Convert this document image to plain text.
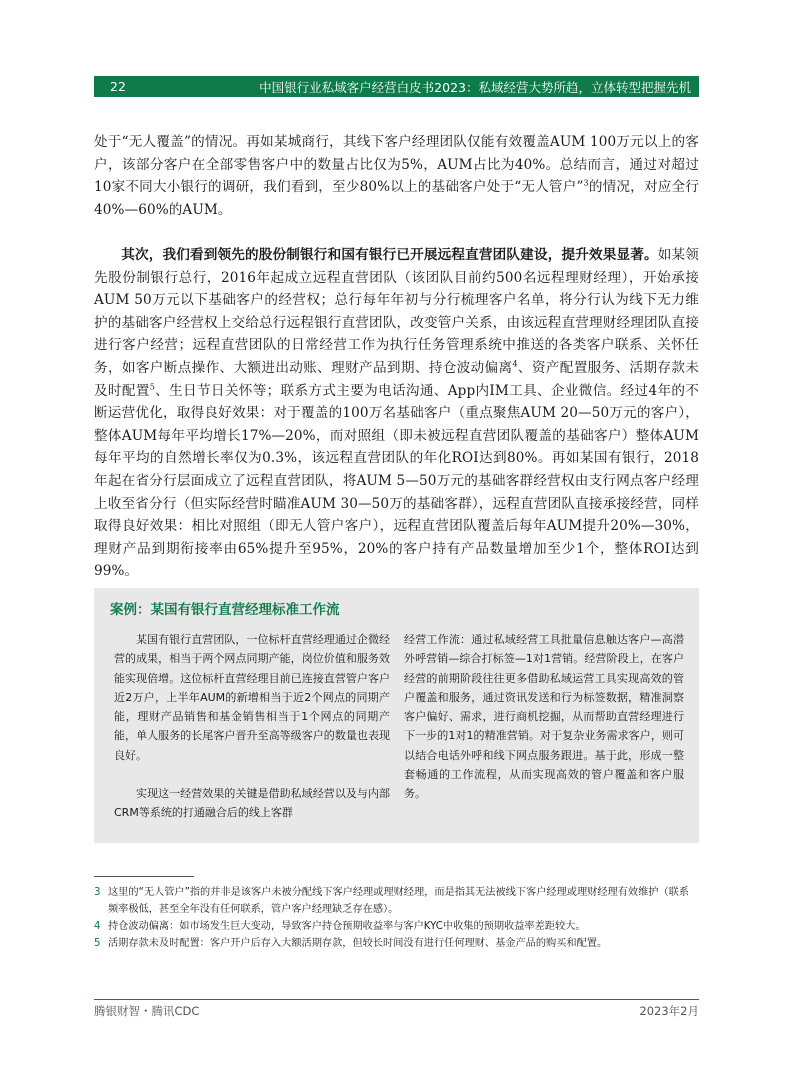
22	中国银行业私域客户经营白皮书2023：私域经营大势所趋，立体转型把握先机

处于“无人覆盖”的情况。再如某城商行，其线下客户经理团队仅能有效覆盖AUM 100万元以上的客户，该部分客户在全部零售客户中的数量占比仅为5%，AUM占比为40%。总结而言，通过对超过10家不同大小银行的调研，我们看到，至少80%以上的基础客户处于“无人管户”$^3$的情况，对应全行40%—60%的AUM。

其次，我们看到领先的股份制银行和国有银行已开展远程直营团队建设，提升效果显著。如某领先股份制银行总行，2016年起成立远程直营团队（该团队目前约500名远程理财经理），开始承接AUM 50万元以下基础客户的经营权；总行每年年初与分行梳理客户名单，将分行认为线下无力维护的基础客户经营权上交给总行远程银行直营团队，改变管户关系，由该远程直营理财经理团队直接进行客户经营；远程直营团队的日常经营工作为执行任务管理系统中推送的各类客户联系、关怀任务，如客户断点操作、大额进出动账、理财产品到期、持仓波动偏离$^4$、资产配置服务、活期存款未及时配置$^5$、生日节日关怀等；联系方式主要为电话沟通、App内IM工具、企业微信。经过4年的不断运营优化，取得良好效果：对于覆盖的100万名基础客户（重点聚焦AUM 20—50万元的客户），整体AUM每年平均增长17%—20%，而对照组（即未被远程直营团队覆盖的基础客户）整体AUM每年平均的自然增长率仅为0.3%，该远程直营团队的年化ROI达到80%。再如某国有银行，2018年起在省分行层面成立了远程直营团队，将AUM 5—50万元的基础客群经营权由支行网点客户经理上收至省分行（但实际经营时瞄准AUM 30—50万的基础客群），远程直营团队直接承接经营，同样取得良好效果：相比对照组（即无人管户客户），远程直营团队覆盖后每年AUM提升20%—30%，理财产品到期衔接率由65%提升至95%，20%的客户持有产品数量增加至少1个，整体ROI达到99%。

案例：某国有银行直营经理标准工作流

某国有银行直营团队，一位标杆直营经理通过企微经营的成果，相当于两个网点同期产能，岗位价值和服务效能实现倍增。这位标杆直营经理目前已连接直营管户客户近2万户，上半年AUM的新增相当于近2个网点的同期产能，理财产品销售和基金销售相当于1个网点的同期产能，单人服务的长尾客户晋升至高等级客户的数量也表现良好。

实现这一经营效果的关键是借助私域经营以及与内部CRM等系统的打通融合后的线上客群

经营工作流：通过私域经营工具批量信息触达客户—高潜外呼营销—综合打标签—1对1营销。经营阶段上，在客户经营的前期阶段往往更多借助私域运营工具实现高效的管户覆盖和服务，通过资讯发送和行为标签数据，精准洞察客户偏好、需求，进行商机挖掘，从而帮助直营经理进行下一步的1对1的精准营销。对于复杂业务需求客户，则可以结合电话外呼和线下网点服务跟进。基于此，形成一整套畅通的工作流程，从而实现高效的管户覆盖和客户服务。

3 这里的“无人管户”指的并非是该客户未被分配线下客户经理或理财经理，而是指其无法被线下客户经理或理财经理有效维护（联系频率极低，甚至全年没有任何联系，管户客户经理缺乏存在感）。
4 持仓波动偏离：如市场发生巨大变动，导致客户持仓预期收益率与客户KYC中收集的预期收益率差距较大。
5 活期存款未及时配置：客户开户后存入大额活期存款，但较长时间没有进行任何理财、基金产品的购买和配置。
腾银财智・腾讯CDC	2023年2月
